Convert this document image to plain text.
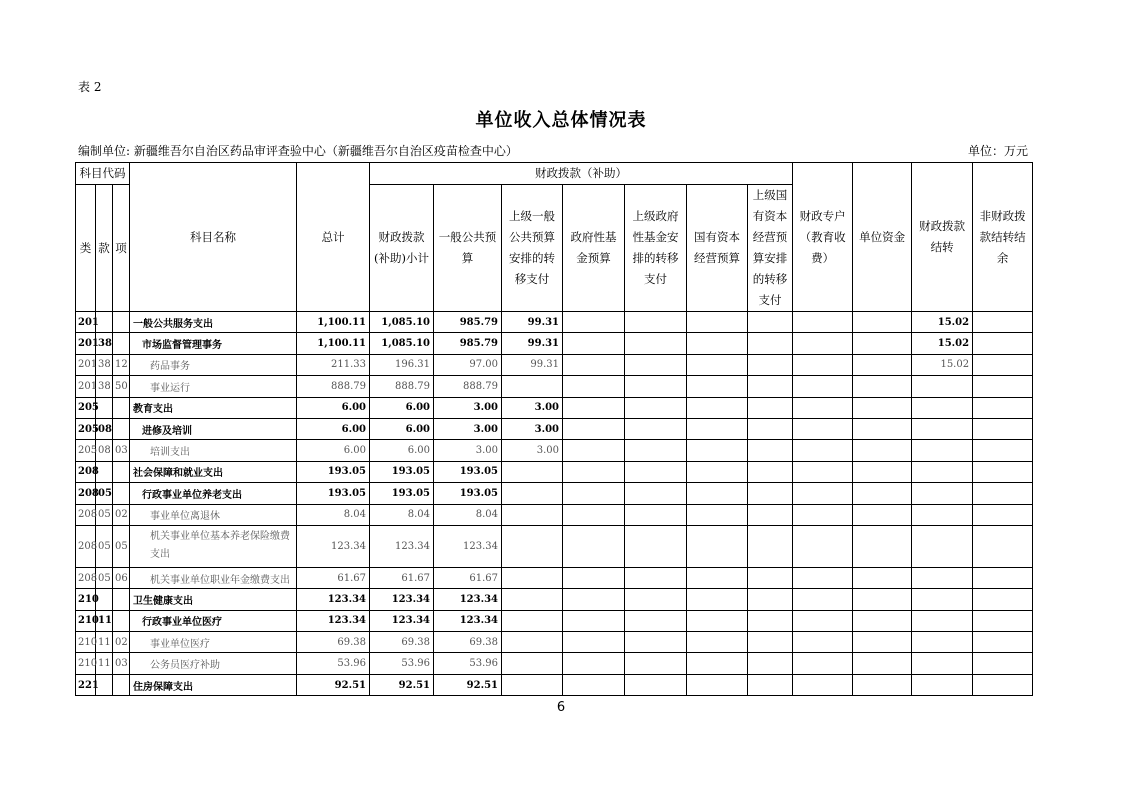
表 2
单位收入总体情况表
编制单位: 新疆维吾尔自治区药品审评查验中心（新疆维吾尔自治区疫苗检查中心）	单位：万元
科目代码			科目名称	总计	财政拨款（补助）							财政专户（教育收费）	单位资金	财政拨款结转	非财政拨款结转结余
类	款	项			财政拨款(补助)小计	一般公共预算	上级一般公共预算安排的转移支付	政府性基金预算	上级政府性基金安排的转移支付	国有资本经营预算	上级国有资本经营预算安排的转移支付				
201			一般公共服务支出	1,100.11	1,085.10	985.79	99.31							15.02	
201	38		市场监督管理事务	1,100.11	1,085.10	985.79	99.31							15.02	
201	38	12	药品事务	211.33	196.31	97.00	99.31							15.02	
201	38	50	事业运行	888.79	888.79	888.79									
205			教育支出	6.00	6.00	3.00	3.00								
205	08		进修及培训	6.00	6.00	3.00	3.00								
205	08	03	培训支出	6.00	6.00	3.00	3.00								
208			社会保障和就业支出	193.05	193.05	193.05									
208	05		行政事业单位养老支出	193.05	193.05	193.05									
208	05	02	事业单位离退休	8.04	8.04	8.04									
208	05	05	机关事业单位基本养老保险缴费支出	123.34	123.34	123.34									
208	05	06	机关事业单位职业年金缴费支出	61.67	61.67	61.67									
210			卫生健康支出	123.34	123.34	123.34									
210	11		行政事业单位医疗	123.34	123.34	123.34									
210	11	02	事业单位医疗	69.38	69.38	69.38									
210	11	03	公务员医疗补助	53.96	53.96	53.96									
221			住房保障支出	92.51	92.51	92.51									
6
